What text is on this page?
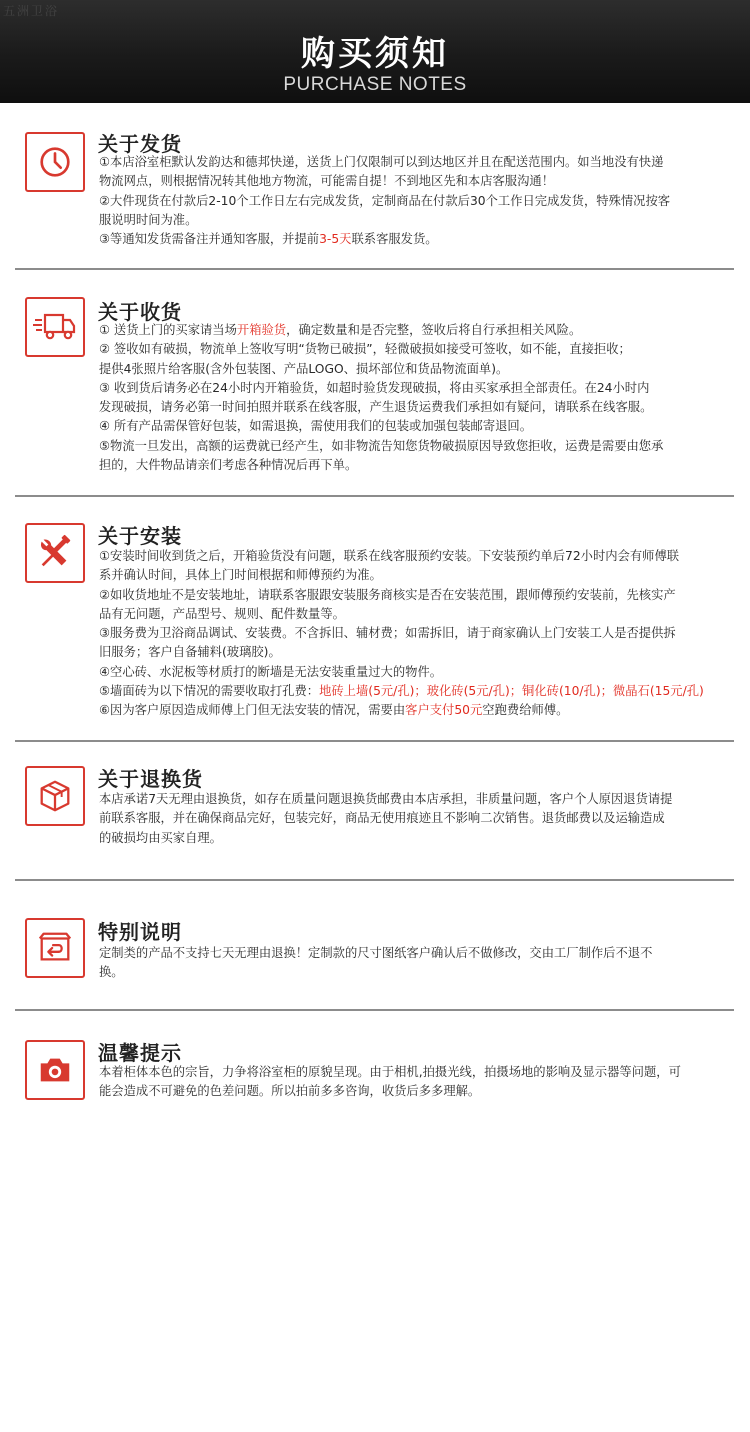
五洲卫浴
购买须知
PURCHASE NOTES
关于发货

①本店浴室柜默认发韵达和德邦快递，送货上门仅限制可以到达地区并且在配送范围内。如当地没有快递

物流网点，则根据情况转其他地方物流，可能需自提！不到地区先和本店客服沟通！

②大件现货在付款后2-10个工作日左右完成发货，定制商品在付款后30个工作日完成发货，特殊情况按客

服说明时间为准。

③等通知发货需备注并通知客服，并提前3-5天联系客服发货。

关于收货

① 送货上门的买家请当场开箱验货，确定数量和是否完整，签收后将自行承担相关风险。

② 签收如有破损，物流单上签收写明“货物已破损”，轻微破损如接受可签收，如不能，直接拒收；

提供4张照片给客服(含外包装图、产品LOGO、损坏部位和货品物流面单)。

③ 收到货后请务必在24小时内开箱验货，如超时验货发现破损，将由买家承担全部责任。在24小时内

发现破损，请务必第一时间拍照并联系在线客服，产生退货运费我们承担如有疑问，请联系在线客服。

④ 所有产品需保管好包装，如需退换，需使用我们的包装或加强包装邮寄退回。

⑤物流一旦发出，高额的运费就已经产生，如非物流告知您货物破损原因导致您拒收，运费是需要由您承

担的，大件物品请亲们考虑各种情况后再下单。

关于安装

①安装时间收到货之后，开箱验货没有问题，联系在线客服预约安装。下安装预约单后72小时内会有师傅联

系并确认时间，具体上门时间根据和师傅预约为准。

②如收货地址不是安装地址，请联系客服跟安装服务商核实是否在安装范围，跟师傅预约安装前，先核实产

品有无问题，产品型号、规则、配件数量等。

③服务费为卫浴商品调试、安装费。不含拆旧、辅材费；如需拆旧，请于商家确认上门安装工人是否提供拆

旧服务；客户自备辅料(玻璃胶)。

④空心砖、水泥板等材质打的断墙是无法安装重量过大的物件。

⑤墙面砖为以下情况的需要收取打孔费：地砖上墙(5元/孔)；玻化砖(5元/孔)；铜化砖(10/孔)；微晶石(15元/孔)

⑥因为客户原因造成师傅上门但无法安装的情况，需要由客户支付50元空跑费给师傅。

关于退换货

本店承诺7天无理由退换货，如存在质量问题退换货邮费由本店承担，非质量问题，客户个人原因退货请提

前联系客服，并在确保商品完好，包装完好，商品无使用痕迹且不影响二次销售。退货邮费以及运输造成

的破损均由买家自理。

特别说明

定制类的产品不支持七天无理由退换！定制款的尺寸图纸客户确认后不做修改，交由工厂制作后不退不

换。

温馨提示

本着柜体本色的宗旨，力争将浴室柜的原貌呈现。由于相机,拍摄光线，拍摄场地的影响及显示器等问题，可

能会造成不可避免的色差问题。所以拍前多多咨询，收货后多多理解。
